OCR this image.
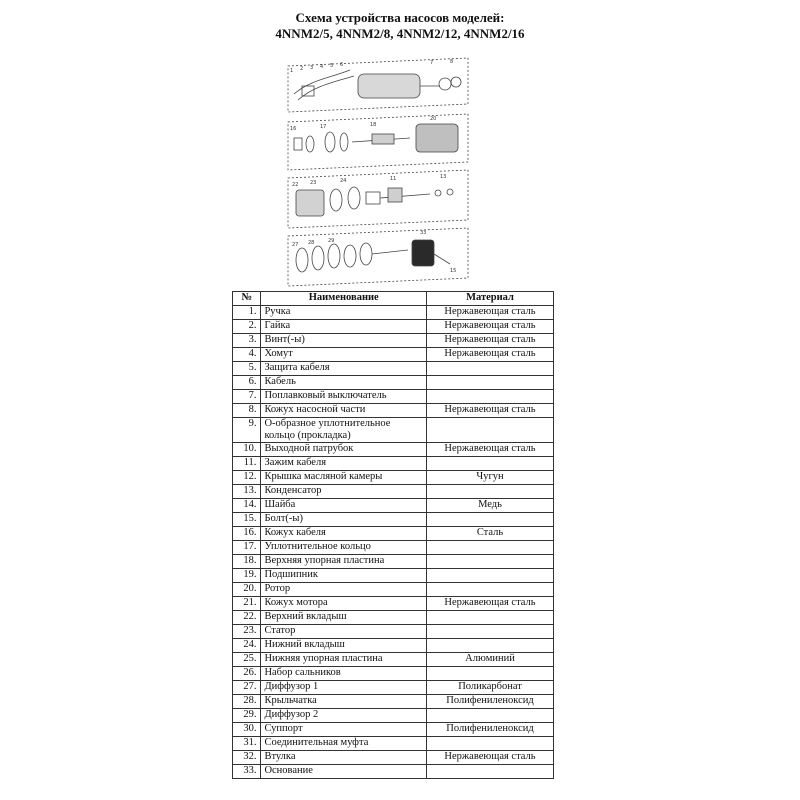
Схема устройства насосов моделей:
4NNM2/5, 4NNM2/8, 4NNM2/12, 4NNM2/16
1 2 3 4 5 6	7	8
16	17	18
20
22 23	24	11	13
27 28	29
33
15
№	Наименование	Материал
1.	Ручка	Нержавеющая сталь
2.	Гайка	Нержавеющая сталь
3.	Винт(-ы)	Нержавеющая сталь
4.	Хомут	Нержавеющая сталь
5.	Защита кабеля	
6.	Кабель	
7.	Поплавковый выключатель	
8.	Кожух насосной части	Нержавеющая сталь
9.	О-образное уплотнительное кольцо (прокладка)	
10.	Выходной патрубок	Нержавеющая сталь
11.	Зажим кабеля	
12.	Крышка масляной камеры	Чугун
13.	Конденсатор	
14.	Шайба	Медь
15.	Болт(-ы)	
16.	Кожух кабеля	Сталь
17.	Уплотнительное кольцо	
18.	Верхняя упорная пластина	
19.	Подшипник	
20.	Ротор	
21.	Кожух мотора	Нержавеющая сталь
22.	Верхний вкладыш	
23.	Статор	
24.	Нижний вкладыш	
25.	Нижняя упорная пластина	Алюминий
26.	Набор сальников	
27.	Диффузор 1	Поликарбонат
28.	Крыльчатка	Полифениленоксид
29.	Диффузор 2	
30.	Суппорт	Полифениленоксид
31.	Соединительная муфта	
32.	Втулка	Нержавеющая сталь
33.	Основание	
